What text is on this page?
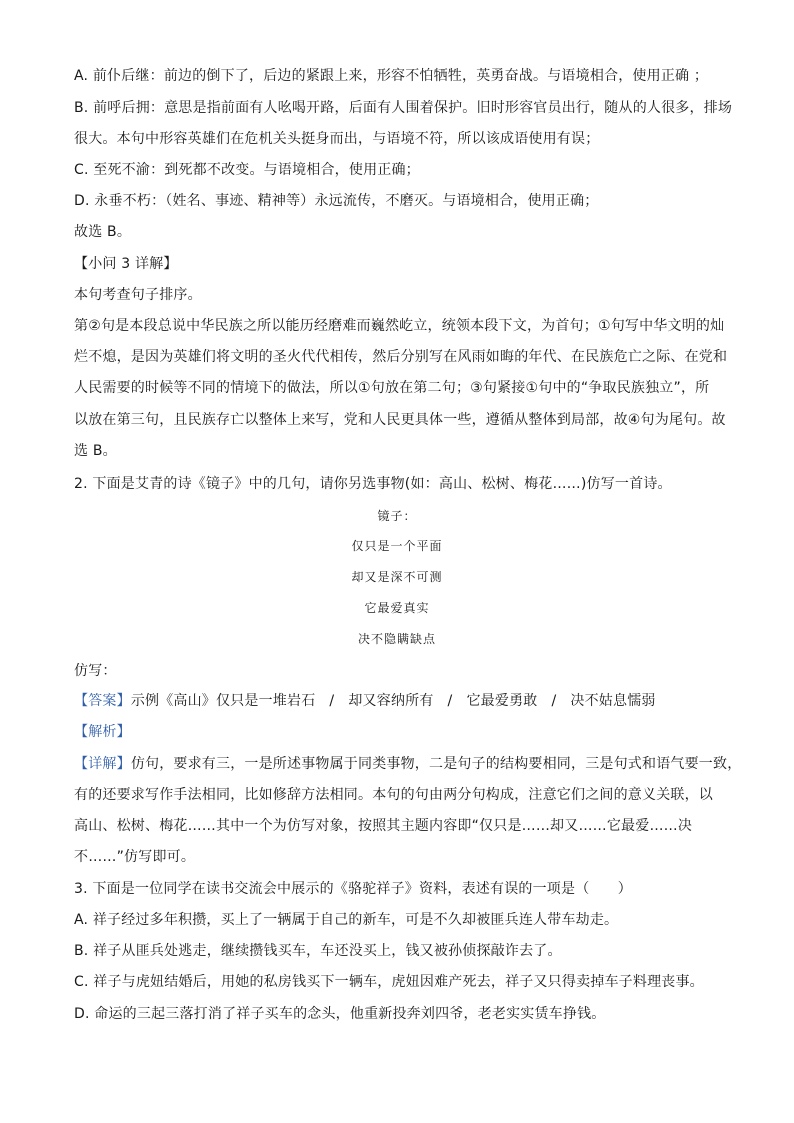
A. 前仆后继：前边的倒下了，后边的紧跟上来，形容不怕牺牲，英勇奋战。与语境相合，使用正确 ；
B. 前呼后拥：意思是指前面有人吆喝开路，后面有人围着保护。旧时形容官员出行，随从的人很多，排场
很大。本句中形容英雄们在危机关头挺身而出，与语境不符，所以该成语使用有误；
C. 至死不渝：到死都不改变。与语境相合，使用正确；
D. 永垂不朽：（姓名、事迹、精神等）永远流传，不磨灭。与语境相合，使用正确；
故选 B。
【小问 3 详解】
本句考查句子排序。
第②句是本段总说中华民族之所以能历经磨难而巍然屹立，统领本段下文，为首句；①句写中华文明的灿
烂不熄，是因为英雄们将文明的圣火代代相传，然后分别写在风雨如晦的年代、在民族危亡之际、在党和
人民需要的时候等不同的情境下的做法，所以①句放在第二句；③句紧接①句中的“争取民族独立”，所
以放在第三句，且民族存亡以整体上来写，党和人民更具体一些，遵循从整体到局部，故④句为尾句。故
选 B。
2. 下面是艾青的诗《镜子》中的几句，请你另选事物(如：高山、松树、梅花……)仿写一首诗。
镜子：
仅只是一个平面
却又是深不可测
它最爱真实
决不隐瞒缺点
仿写：
【答案】示例《高山》仅只是一堆岩石 / 却又容纳所有 / 它最爱勇敢 / 决不姑息懦弱
【解析】
【详解】仿句，要求有三，一是所述事物属于同类事物，二是句子的结构要相同，三是句式和语气要一致，
有的还要求写作手法相同，比如修辞方法相同。本句的句由两分句构成，注意它们之间的意义关联，以
高山、松树、梅花……其中一个为仿写对象，按照其主题内容即“仅只是……却又……它最爱……决
不……”仿写即可。
3. 下面是一位同学在读书交流会中展示的《骆驼祥子》资料，表述有误的一项是（　　）
A. 祥子经过多年积攒，买上了一辆属于自己的新车，可是不久却被匪兵连人带车劫走。
B. 祥子从匪兵处逃走，继续攒钱买车，车还没买上，钱又被孙侦探敲诈去了。
C. 祥子与虎妞结婚后，用她的私房钱买下一辆车，虎妞因难产死去，祥子又只得卖掉车子料理丧事。
D. 命运的三起三落打消了祥子买车的念头，他重新投奔刘四爷，老老实实赁车挣钱。
